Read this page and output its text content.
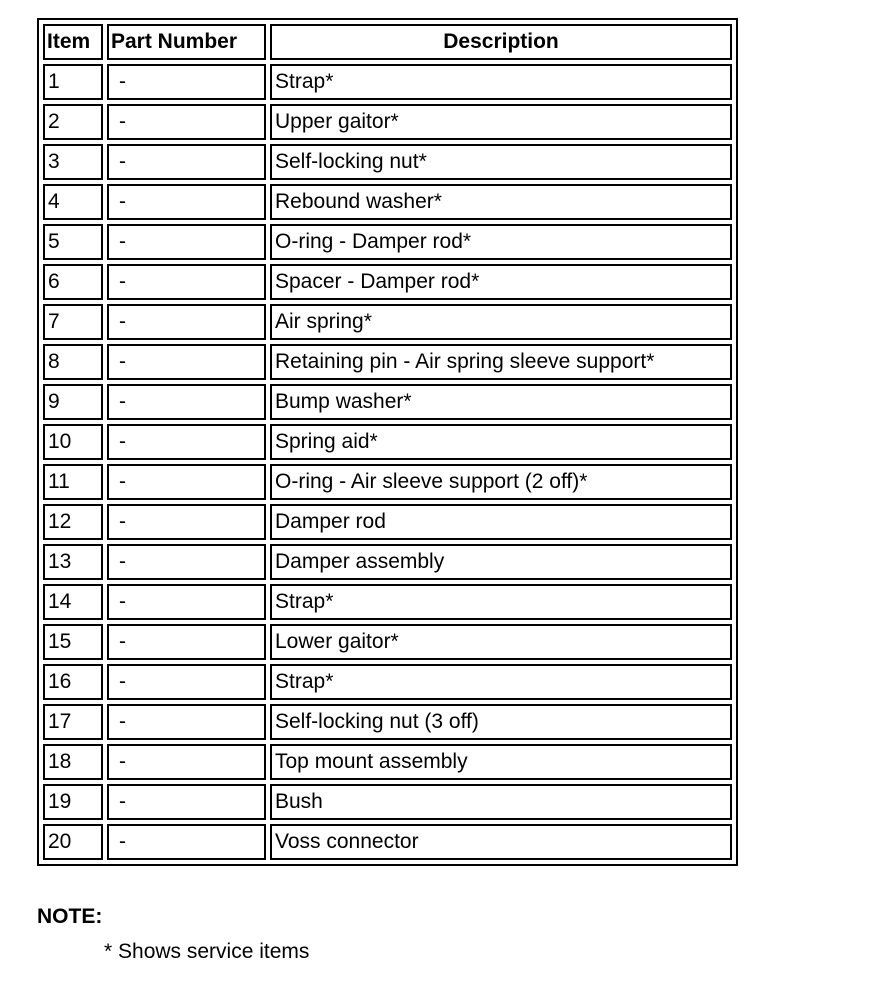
Item	Part Number	Description
1	-	Strap*
2	-	Upper gaitor*
3	-	Self-locking nut*
4	-	Rebound washer*
5	-	O-ring - Damper rod*
6	-	Spacer - Damper rod*
7	-	Air spring*
8	-	Retaining pin - Air spring sleeve support*
9	-	Bump washer*
10	-	Spring aid*
11	-	O-ring - Air sleeve support (2 off)*
12	-	Damper rod
13	-	Damper assembly
14	-	Strap*
15	-	Lower gaitor*
16	-	Strap*
17	-	Self-locking nut (3 off)
18	-	Top mount assembly
19	-	Bush
20	-	Voss connector
NOTE:
* Shows service items
